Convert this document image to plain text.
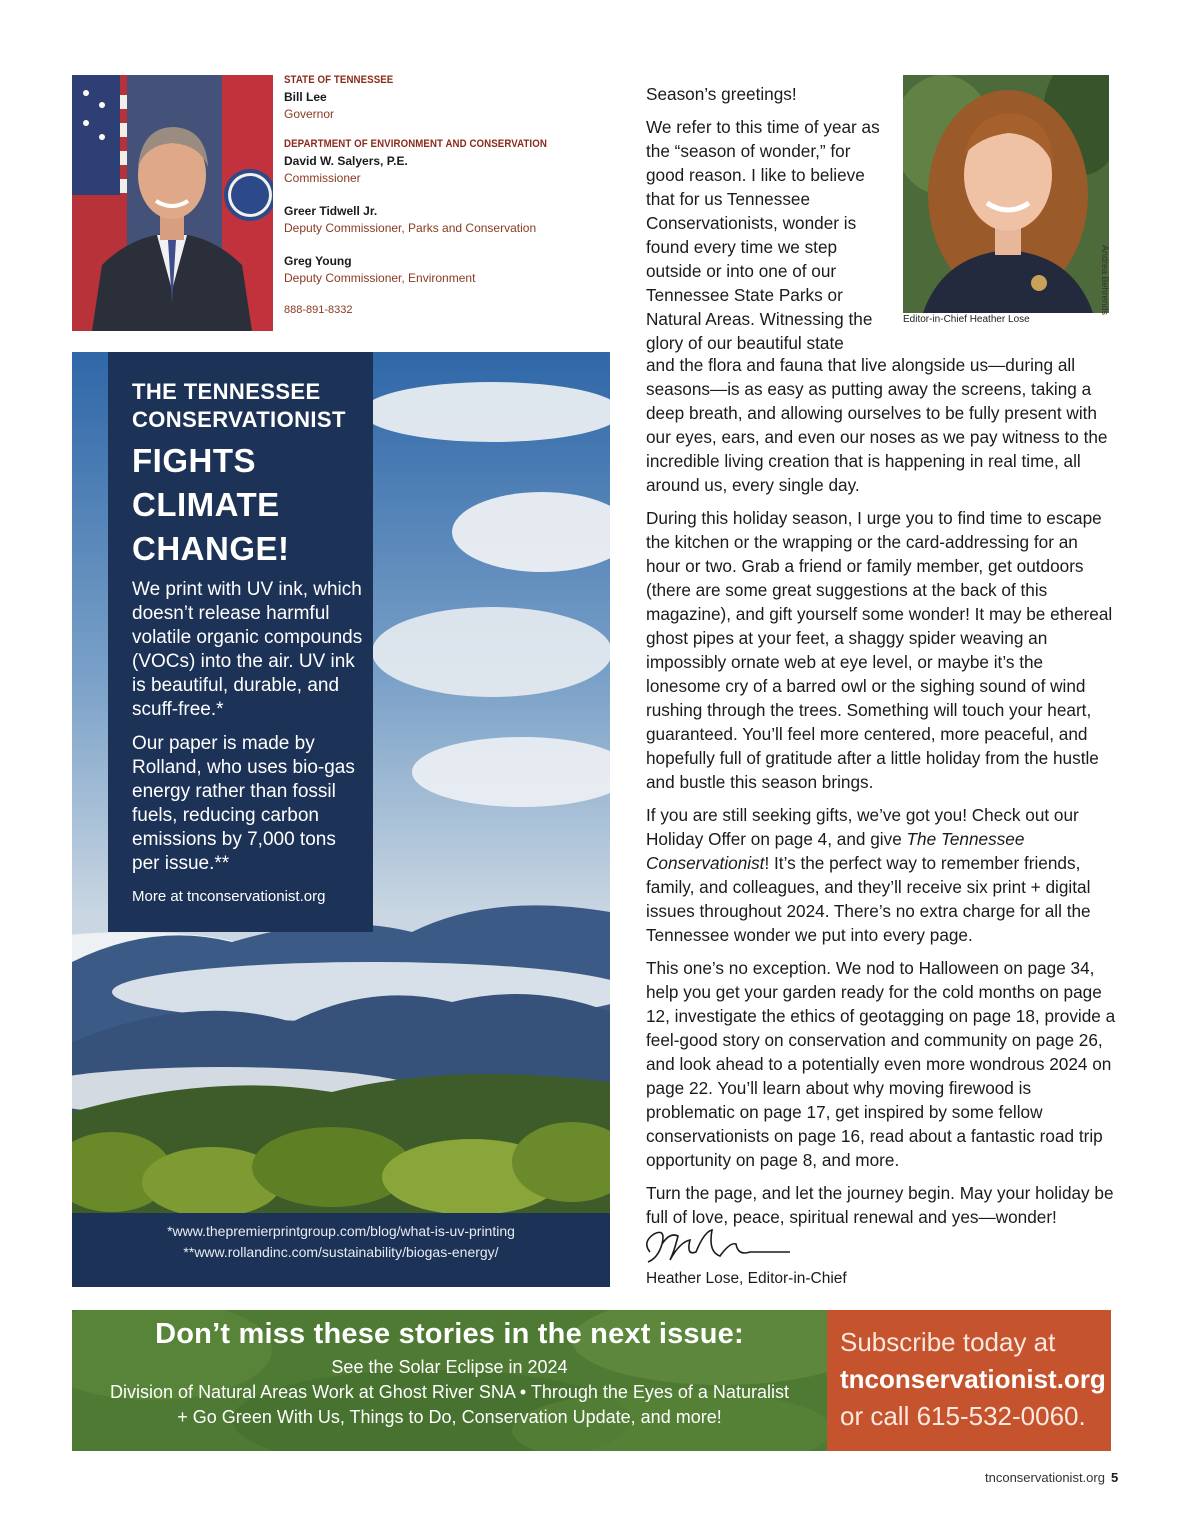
STATE OF TENNESSEE
Bill Lee
Governor
DEPARTMENT OF ENVIRONMENT AND CONSERVATION
David W. Salyers, P.E.
Commissioner
Greer Tidwell Jr.
Deputy Commissioner, Parks and Conservation
Greg Young
Deputy Commissioner, Environment
888-891-8332
THE TENNESSEE
CONSERVATIONIST
FIGHTS
CLIMATE
CHANGE!
We print with UV ink, which doesn’t release harmful volatile organic compounds (VOCs) into the air. UV ink is beautiful, durable, and scuff-free.*
Our paper is made by Rolland, who uses bio-gas energy rather than fossil fuels, reducing carbon emissions by 7,000 tons per issue.**
More at tnconservationist.org
*www.thepremierprintgroup.com/blog/what-is-uv-printing
**www.rollandinc.com/sustainability/biogas-energy/
Andrea Behrends
Editor-in-Chief Heather Lose

Season’s greetings!

We refer to this time of year as the “season of wonder,” for good reason. I like to believe that for us Tennessee Conservationists, wonder is found every time we step outside or into one of our Tennessee State Parks or Natural Areas. Witnessing the glory of our beautiful state

and the flora and fauna that live alongside us—during all seasons—is as easy as putting away the screens, taking a deep breath, and allowing ourselves to be fully present with our eyes, ears, and even our noses as we pay witness to the incredible living creation that is happening in real time, all around us, every single day.

During this holiday season, I urge you to find time to escape the kitchen or the wrapping or the card-addressing for an hour or two. Grab a friend or family member, get outdoors (there are some great suggestions at the back of this magazine), and gift yourself some wonder! It may be ethereal ghost pipes at your feet, a shaggy spider weaving an impossibly ornate web at eye level, or maybe it’s the lonesome cry of a barred owl or the sighing sound of wind rushing through the trees. Something will touch your heart, guaranteed. You’ll feel more centered, more peaceful, and hopefully full of gratitude after a little holiday from the hustle and bustle this season brings.

If you are still seeking gifts, we’ve got you! Check out our Holiday Offer on page 4, and give The Tennessee Conservationist! It’s the perfect way to remember friends, family, and colleagues, and they’ll receive six print + digital issues throughout 2024. There’s no extra charge for all the Tennessee wonder we put into every page.

This one’s no exception. We nod to Halloween on page 34, help you get your garden ready for the cold months on page 12, investigate the ethics of geotagging on page 18, provide a feel-good story on conservation and community on page 26, and look ahead to a potentially even more wondrous 2024 on page 22. You’ll learn about why moving firewood is problematic on page 17, get inspired by some fellow conservationists on page 16, read about a fantastic road trip opportunity on page 8, and more.

Turn the page, and let the journey begin. May your holiday be full of love, peace, spiritual renewal and yes—wonder!

Heather Lose, Editor-in-Chief
Don’t miss these stories in the next issue:
See the Solar Eclipse in 2024
Division of Natural Areas Work at Ghost River SNA • Through the Eyes of a Naturalist
+ Go Green With Us, Things to Do, Conservation Update, and more!
Subscribe today at
tnconservationist.org
or call 615-532-0060.
tnconservationist.org 5
